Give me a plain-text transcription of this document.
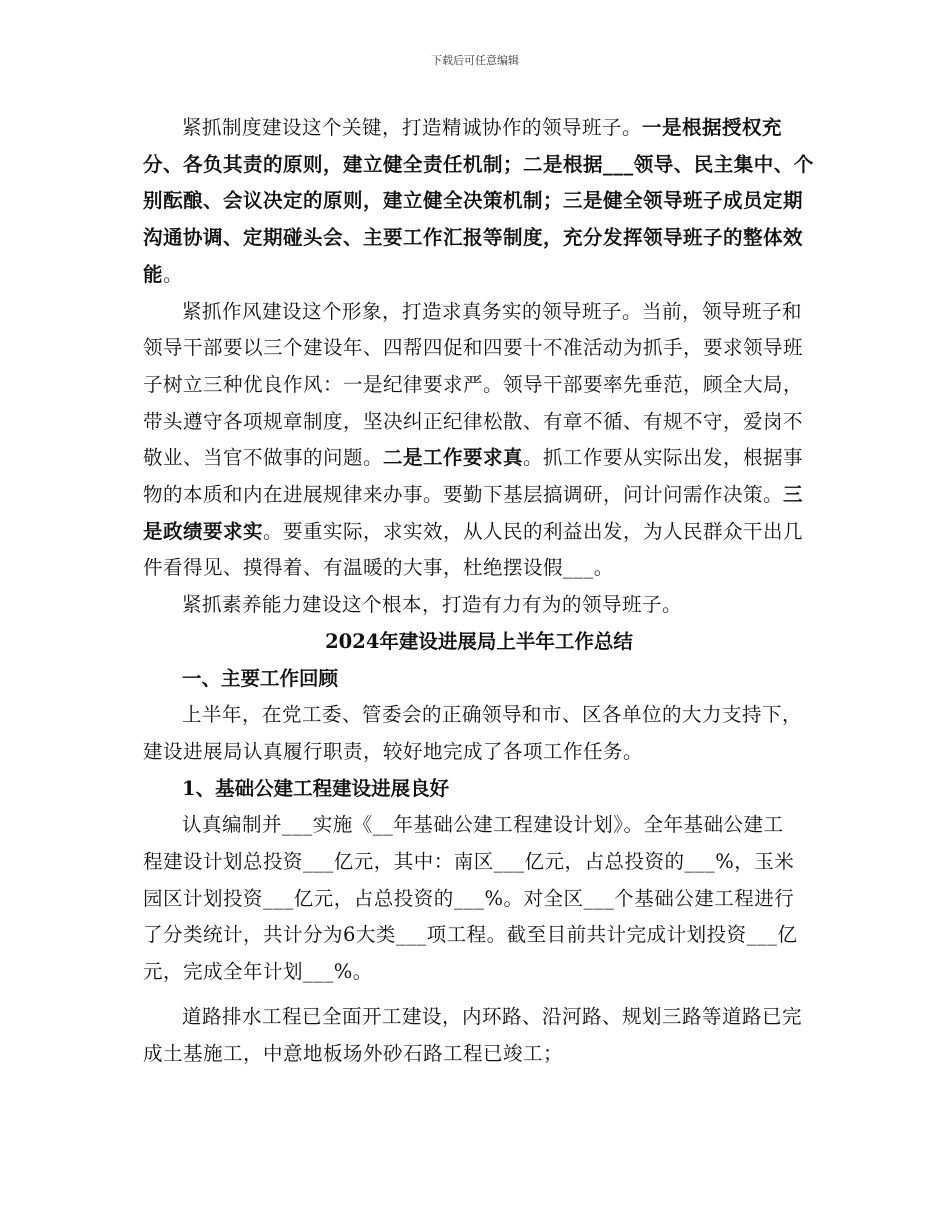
下载后可任意编辑

紧抓制度建设这个关键，打造精诚协作的领导班子。一是根据授权充分、各负其责的原则，建立健全责任机制；二是根据___领导、民主集中、个别酝酿、会议决定的原则，建立健全决策机制；三是健全领导班子成员定期沟通协调、定期碰头会、主要工作汇报等制度，充分发挥领导班子的整体效能。

紧抓作风建设这个形象，打造求真务实的领导班子。当前，领导班子和领导干部要以三个建设年、四帮四促和四要十不准活动为抓手，要求领导班子树立三种优良作风：一是纪律要求严。领导干部要率先垂范，顾全大局，带头遵守各项规章制度，坚决纠正纪律松散、有章不循、有规不守，爱岗不敬业、当官不做事的问题。二是工作要求真。抓工作要从实际出发，根据事物的本质和内在进展规律来办事。要勤下基层搞调研，问计问需作决策。三是政绩要求实。要重实际，求实效，从人民的利益出发，为人民群众干出几件看得见、摸得着、有温暖的大事，杜绝摆设假___。

紧抓素养能力建设这个根本，打造有力有为的领导班子。

2024年建设进展局上半年工作总结

一、主要工作回顾

上半年，在党工委、管委会的正确领导和市、区各单位的大力支持下，建设进展局认真履行职责，较好地完成了各项工作任务。

1、基础公建工程建设进展良好

认真编制并___实施《__年基础公建工程建设计划》。全年基础公建工程建设计划总投资___亿元，其中：南区___亿元，占总投资的___%，玉米园区计划投资___亿元，占总投资的___%。对全区___个基础公建工程进行了分类统计，共计分为6大类___项工程。截至目前共计完成计划投资___亿元，完成全年计划___%。

道路排水工程已全面开工建设，内环路、沿河路、规划三路等道路已完成土基施工，中意地板场外砂石路工程已竣工；
